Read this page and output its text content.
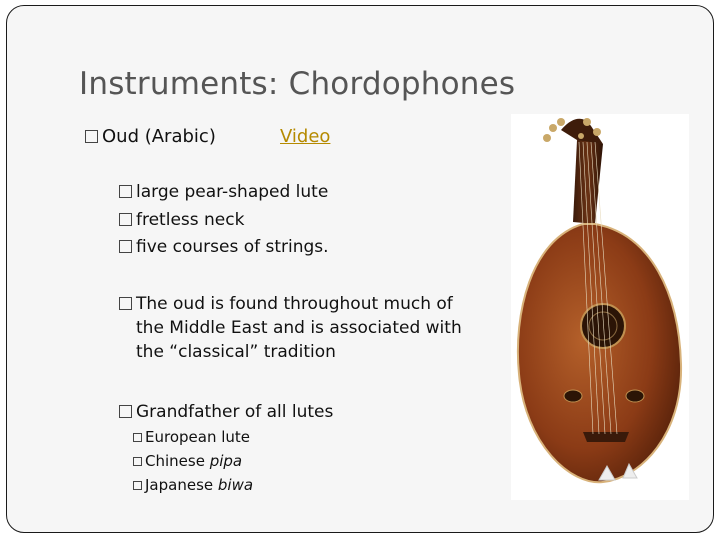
Instruments: Chordophones
Oud (Arabic)	Video
large pear-shaped lute
fretless neck
five courses of strings.
The oud is found throughout much of
the Middle East and is associated with
the “classical” tradition
Grandfather of all lutes
European lute
Chinese pipa
Japanese biwa
